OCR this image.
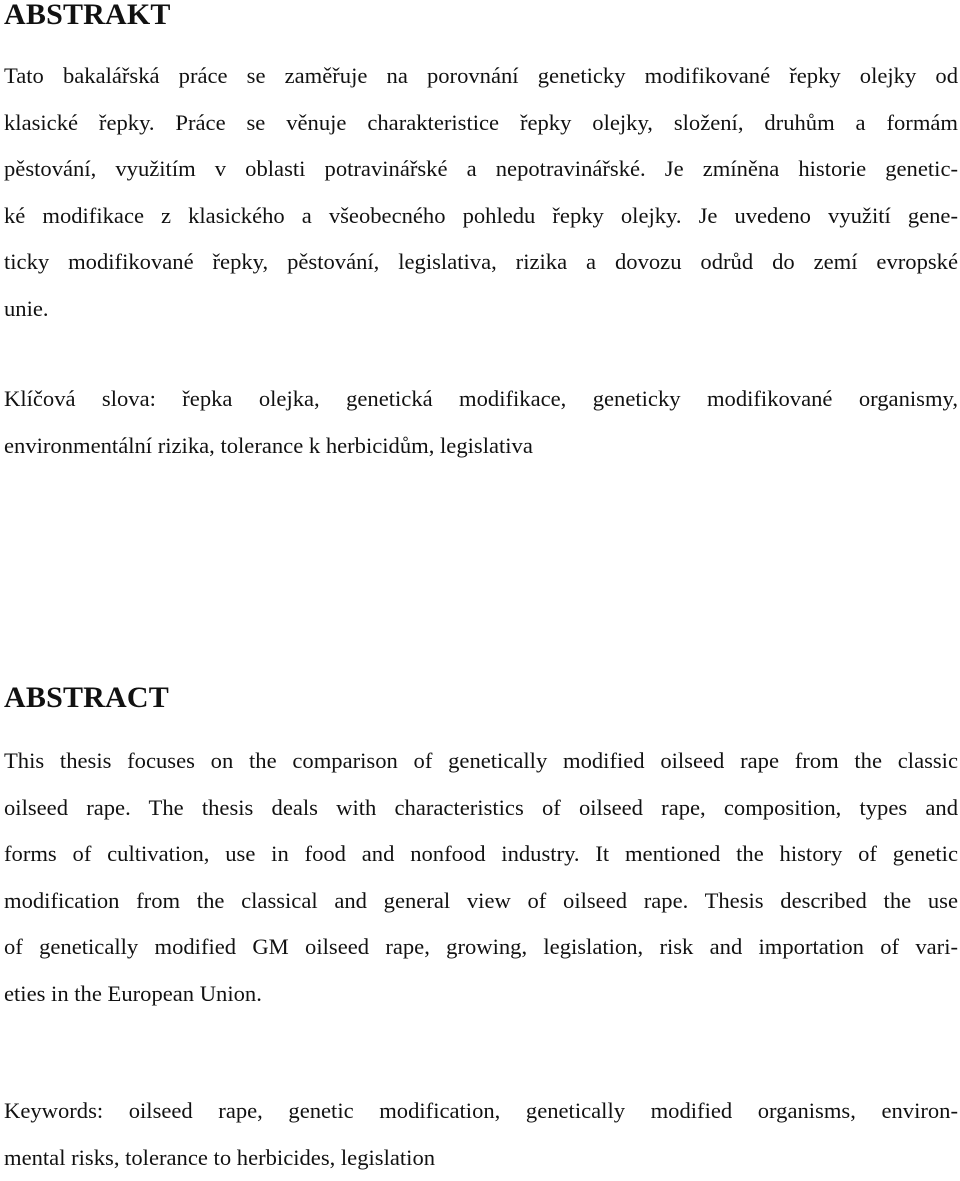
ABSTRAKT
Tato bakalářská práce se zaměřuje na porovnání geneticky modifikované řepky olejky od
klasické řepky. Práce se věnuje charakteristice řepky olejky, složení, druhům a formám
pěstování, využitím v oblasti potravinářské a nepotravinářské. Je zmíněna historie genetic-
ké modifikace z klasického a všeobecného pohledu řepky olejky. Je uvedeno využití gene-
ticky modifikované řepky, pěstování, legislativa, rizika a dovozu odrůd do zemí evropské
unie.
Klíčová slova: řepka olejka, genetická modifikace, geneticky modifikované organismy,
environmentální rizika, tolerance k herbicidům, legislativa
ABSTRACT
This thesis focuses on the comparison of genetically modified oilseed rape from the classic
oilseed rape. The thesis deals with characteristics of oilseed rape, composition, types and
forms of cultivation, use in food and nonfood industry. It mentioned the history of genetic
modification from the classical and general view of oilseed rape. Thesis described the use
of genetically modified GM oilseed rape, growing, legislation, risk and importation of vari-
eties in the European Union.
Keywords: oilseed rape, genetic modification, genetically modified organisms, environ-
mental risks, tolerance to herbicides, legislation
